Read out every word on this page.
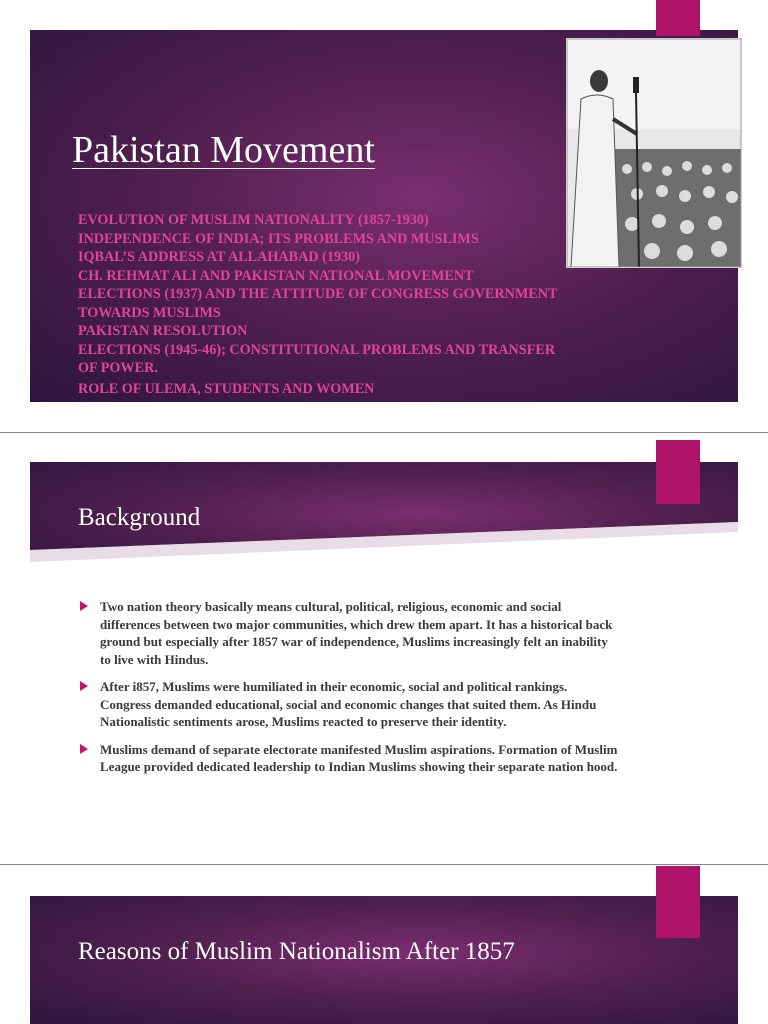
Pakistan Movement
EVOLUTION OF MUSLIM NATIONALITY (1857-1930)
INDEPENDENCE OF INDIA; ITS PROBLEMS AND MUSLIMS
IQBAL’S ADDRESS AT ALLAHABAD (1930)
CH. REHMAT ALI AND PAKISTAN NATIONAL MOVEMENT
ELECTIONS (1937) AND THE ATTITUDE OF CONGRESS GOVERNMENT
TOWARDS MUSLIMS
PAKISTAN RESOLUTION
ELECTIONS (1945-46); CONSTITUTIONAL PROBLEMS AND TRANSFER
OF POWER.
ROLE OF ULEMA, STUDENTS AND WOMEN
Background
Two nation theory basically means cultural, political, religious, economic and social differences between two major communities, which drew them apart. It has a historical back ground but especially after 1857 war of independence, Muslims increasingly felt an inability to live with Hindus.
After i857, Muslims were humiliated in their economic, social and political rankings. Congress demanded educational, social and economic changes that suited them. As Hindu Nationalistic sentiments arose, Muslims reacted to preserve their identity.
Muslims demand of separate electorate manifested Muslim aspirations. Formation of Muslim League provided dedicated leadership to Indian Muslims showing their separate nation hood.
Reasons of Muslim Nationalism After 1857
